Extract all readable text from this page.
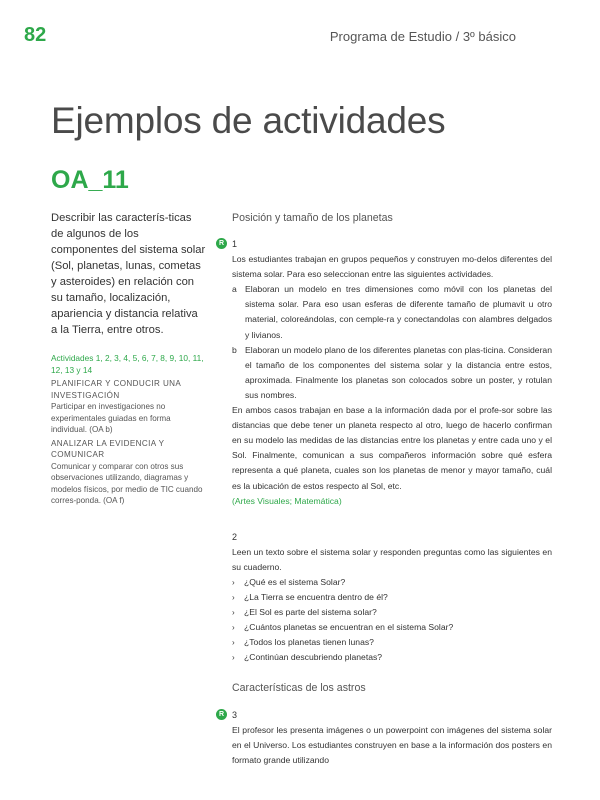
82	Programa de Estudio / 3º básico
Ejemplos de actividades
OA_11

Describir las caracterís-ticas de algunos de los componentes del sistema solar (Sol, planetas, lunas, cometas y asteroides) en relación con su tamaño, localización, apariencia y distancia relativa a la Tierra, entre otros.

Actividades 1, 2, 3, 4, 5, 6, 7, 8, 9, 10, 11, 12, 13 y 14

PLANIFICAR Y CONDUCIR UNA INVESTIGACIÓN

Participar en investigaciones no experimentales guiadas en forma individual. (OA b)

ANALIZAR LA EVIDENCIA Y COMUNICAR

Comunicar y comparar con otros sus observaciones utilizando, diagramas y modelos físicos, por medio de TIC cuando corres-ponda. (OA f)

Posición y tamaño de los planetas
R 1

Los estudiantes trabajan en grupos pequeños y construyen mo-delos diferentes del sistema solar. Para eso seleccionan entre las siguientes actividades.

a Elaboran un modelo en tres dimensiones como móvil con los planetas del sistema solar. Para eso usan esferas de diferente tamaño de plumavit u otro material, coloreándolas, con cemple-ra y conectandolas con alambres delgados y livianos.
b Elaboran un modelo plano de los diferentes planetas con plas-ticina. Consideran el tamaño de los componentes del sistema solar y la distancia entre estos, aproximada. Finalmente los planetas son colocados sobre un poster, y rotulan sus nombres.

En ambos casos trabajan en base a la información dada por el profe-sor sobre las distancias que debe tener un planeta respecto al otro, luego de hacerlo confirman en su modelo las medidas de las distancias entre los planetas y entre cada uno y el Sol. Finalmente, comunican a sus compañeros información sobre qué esfera representa a qué planeta, cuales son los planetas de menor y mayor tamaño, cuál es la ubicación de estos respecto al Sol, etc.

(Artes Visuales; Matemática)

2

Leen un texto sobre el sistema solar y responden preguntas como las siguientes en su cuaderno.

› ¿Qué es el sistema Solar?
› ¿La Tierra se encuentra dentro de él?
› ¿El Sol es parte del sistema solar?
› ¿Cuántos planetas se encuentran en el sistema Solar?
› ¿Todos los planetas tienen lunas?
› ¿Continúan descubriendo planetas?
Características de los astros
R 3

El profesor les presenta imágenes o un powerpoint con imágenes del sistema solar en el Universo. Los estudiantes construyen en base a la información dos posters en formato grande utilizando
